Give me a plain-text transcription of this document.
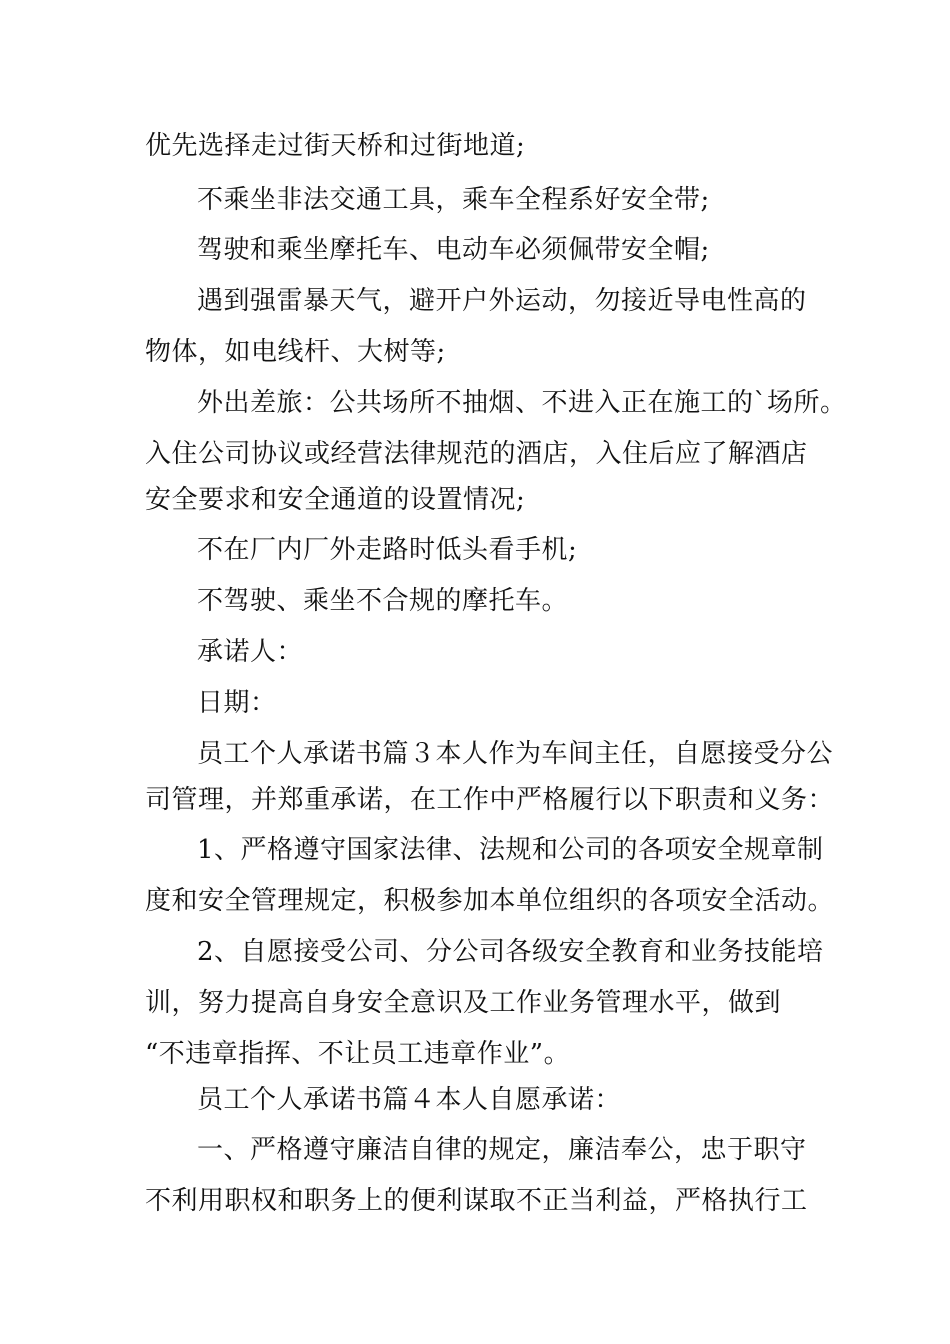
优先选择走过街天桥和过街地道;
不乘坐非法交通工具，乘车全程系好安全带;
驾驶和乘坐摩托车、电动车必须佩带安全帽;
遇到强雷暴天气，避开户外运动，勿接近导电性高的
物体，如电线杆、大树等;
外出差旅：公共场所不抽烟、不进入正在施工的`场所。
入住公司协议或经营法律规范的酒店，入住后应了解酒店
安全要求和安全通道的设置情况;
不在厂内厂外走路时低头看手机;
不驾驶、乘坐不合规的摩托车。
承诺人：
日期：
员工个人承诺书篇３本人作为车间主任，自愿接受分公
司管理，并郑重承诺，在工作中严格履行以下职责和义务：
1、严格遵守国家法律、法规和公司的各项安全规章制
度和安全管理规定，积极参加本单位组织的各项安全活动。
2、自愿接受公司、分公司各级安全教育和业务技能培
训，努力提高自身安全意识及工作业务管理水平，做到
“不违章指挥、不让员工违章作业”。
员工个人承诺书篇４本人自愿承诺：
一、严格遵守廉洁自律的规定，廉洁奉公，忠于职守
不利用职权和职务上的便利谋取不正当利益，严格执行工
